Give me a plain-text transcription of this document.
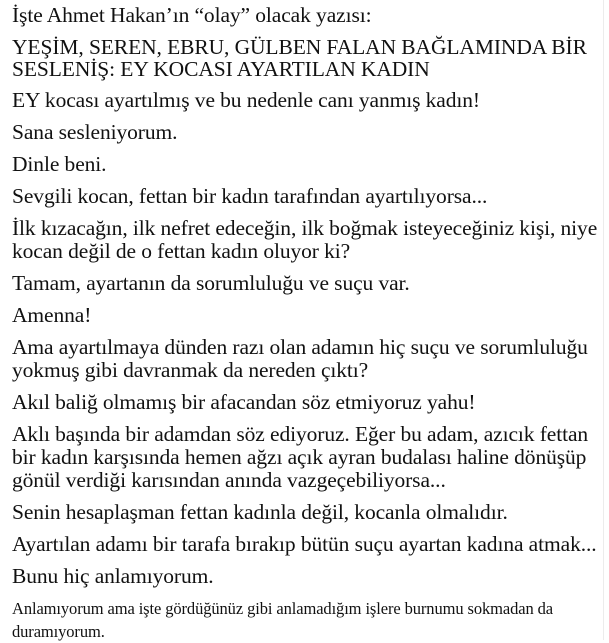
İşte Ahmet Hakan’ın “olay” olacak yazısı:

YEŞİM, SEREN, EBRU, GÜLBEN FALAN BAĞLAMINDA BİR SESLENİŞ: EY KOCASI AYARTILAN KADIN

EY kocası ayartılmış ve bu nedenle canı yanmış kadın!

Sana sesleniyorum.

Dinle beni.

Sevgili kocan, fettan bir kadın tarafından ayartılıyorsa...

İlk kızacağın, ilk nefret edeceğin, ilk boğmak isteyeceğiniz kişi, niye kocan değil de o fettan kadın oluyor ki?

Tamam, ayartanın da sorumluluğu ve suçu var.

Amenna!

Ama ayartılmaya dünden razı olan adamın hiç suçu ve sorumluluğu yokmuş gibi davranmak da nereden çıktı?

Akıl baliğ olmamış bir afacandan söz etmiyoruz yahu!

Aklı başında bir adamdan söz ediyoruz. Eğer bu adam, azıcık fettan bir kadın karşısında hemen ağzı açık ayran budalası haline dönüşüp gönül verdiği karısından anında vazgeçebiliyorsa...

Senin hesaplaşman fettan kadınla değil, kocanla olmalıdır.

Ayartılan adamı bir tarafa bırakıp bütün suçu ayartan kadına atmak...

Bunu hiç anlamıyorum.

Anlamıyorum ama işte gördüğünüz gibi anlamadığım işlere burnumu sokmadan da duramıyorum.
